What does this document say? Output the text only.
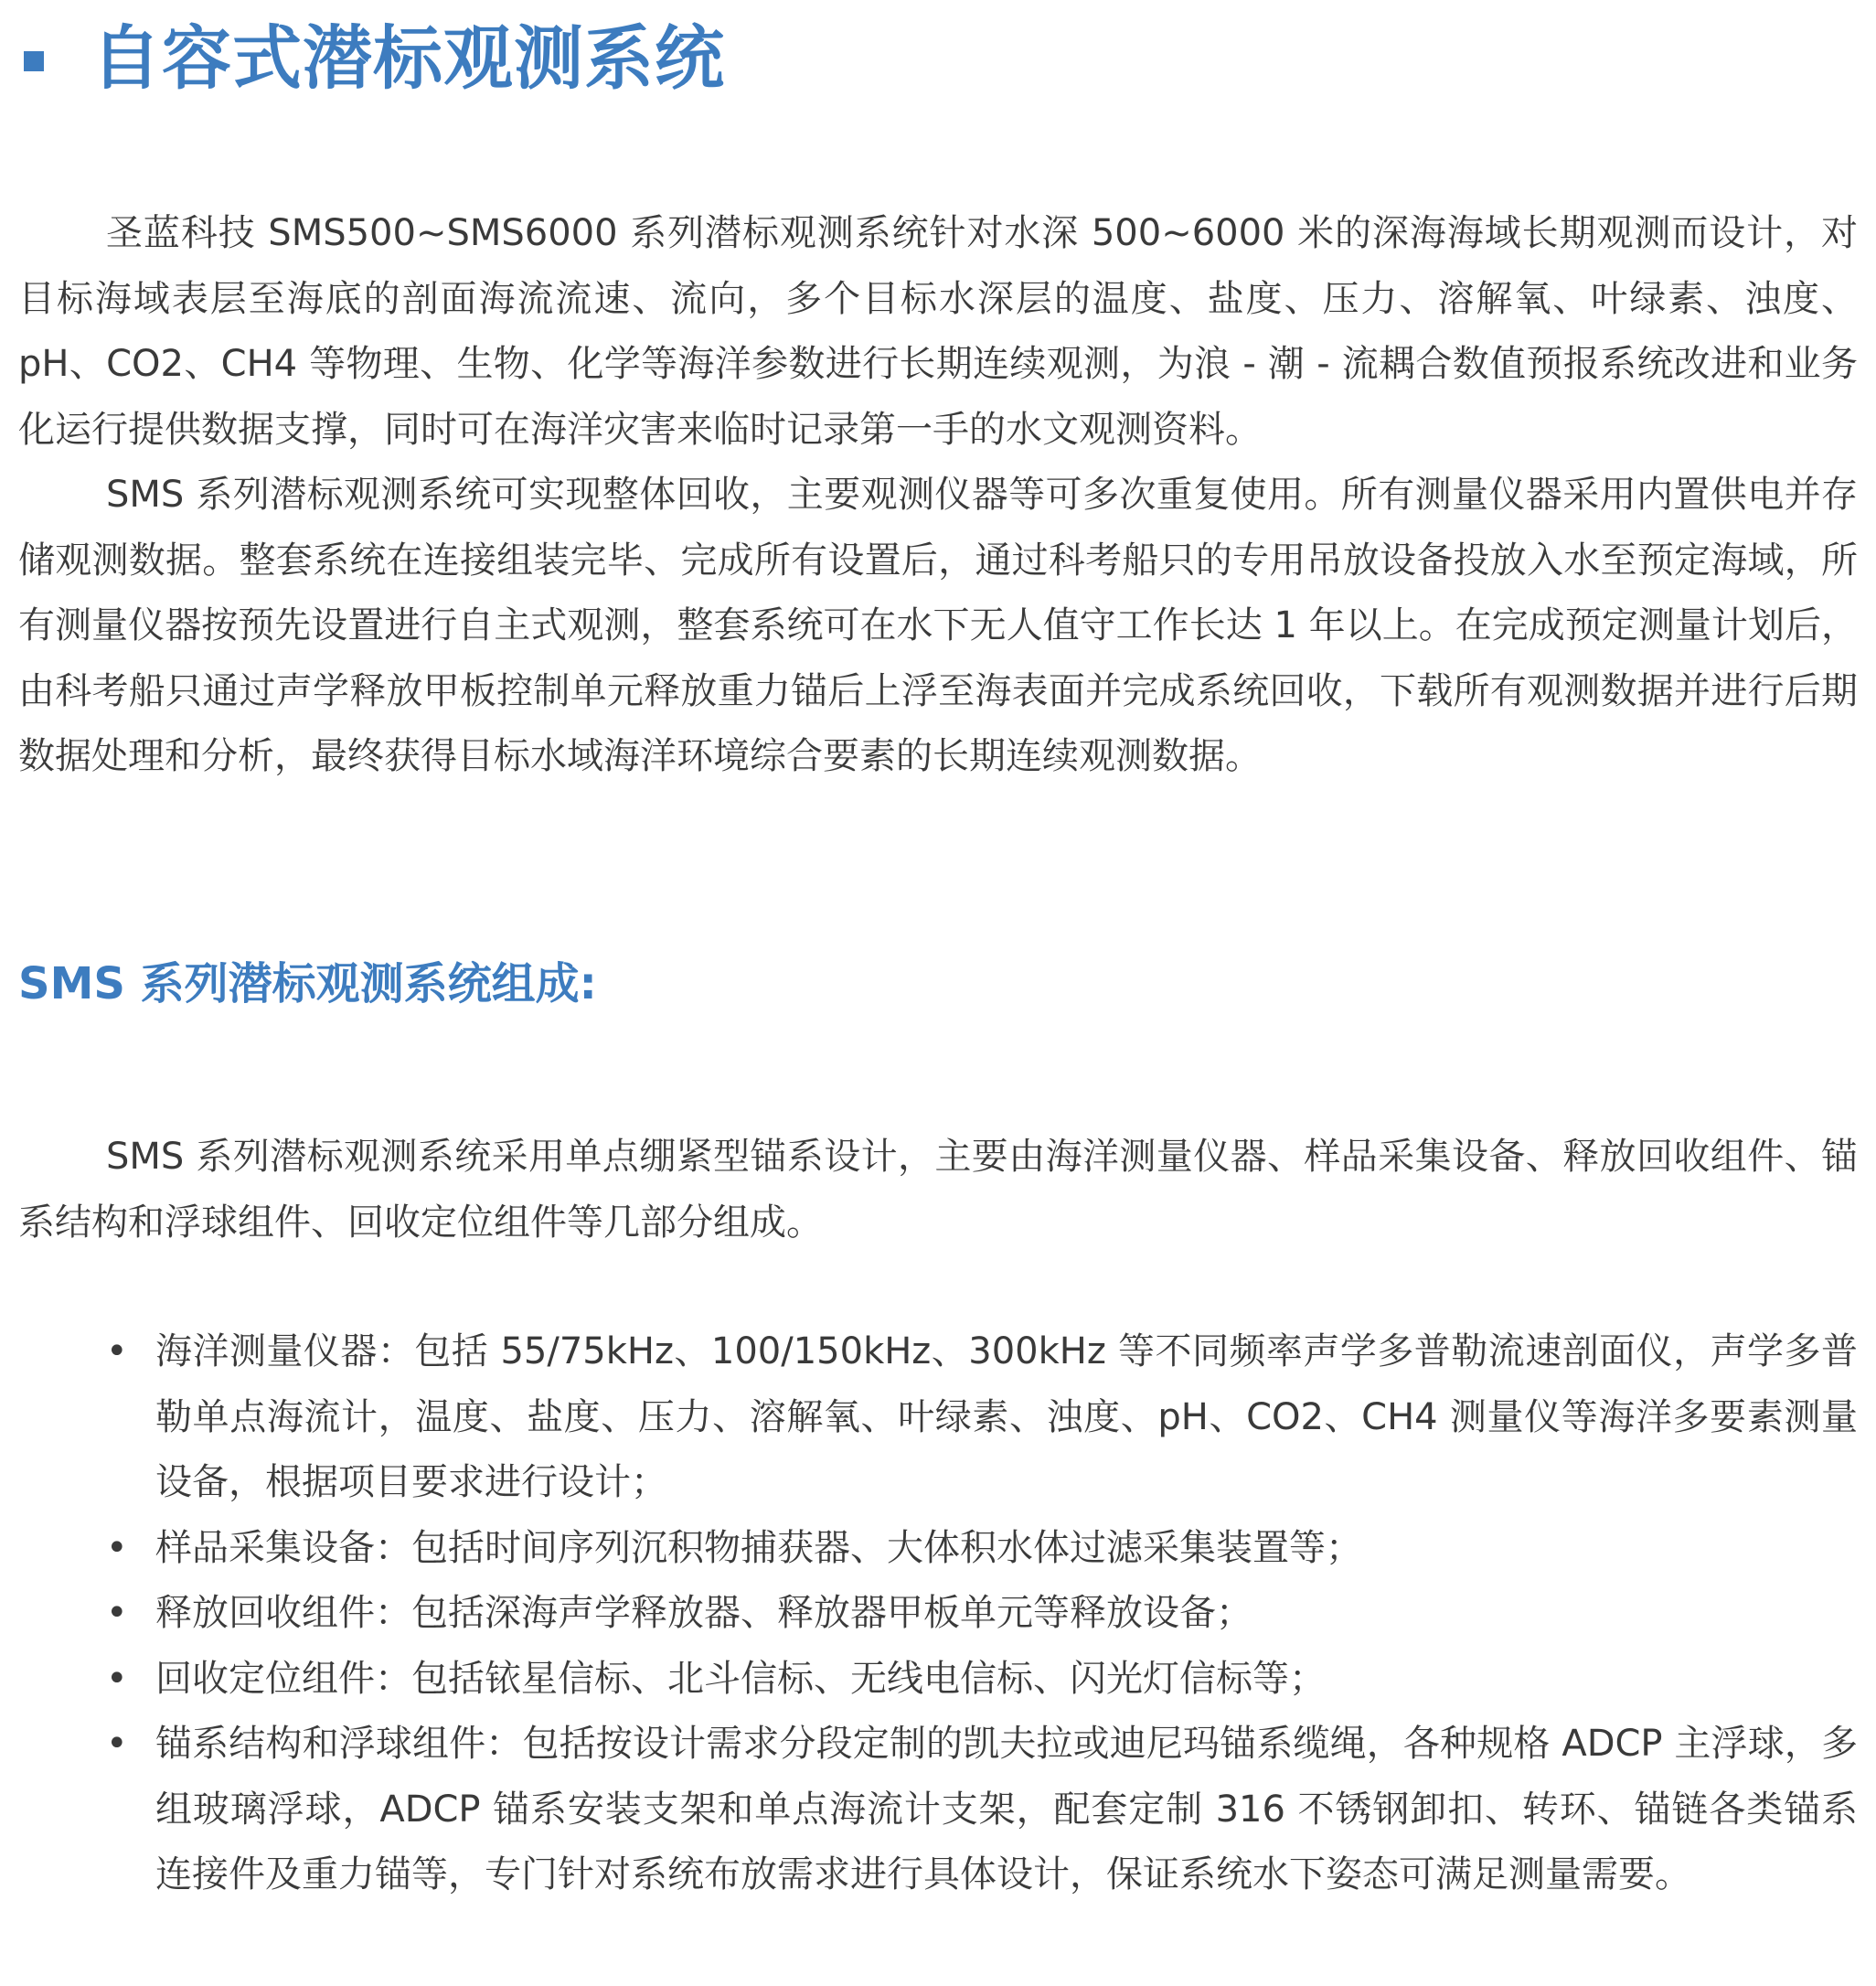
自容式潜标观测系统

圣蓝科技 SMS500~SMS6000 系列潜标观测系统针对水深 500~6000 米的深海海域长期观测而设计，对目标海域表层至海底的剖面海流流速、流向，多个目标水深层的温度、盐度、压力、溶解氧、叶绿素、浊度、pH、CO2、CH4 等物理、生物、化学等海洋参数进行长期连续观测，为浪 - 潮 - 流耦合数值预报系统改进和业务化运行提供数据支撑，同时可在海洋灾害来临时记录第一手的水文观测资料。

SMS 系列潜标观测系统可实现整体回收，主要观测仪器等可多次重复使用。所有测量仪器采用内置供电并存储观测数据。整套系统在连接组装完毕、完成所有设置后，通过科考船只的专用吊放设备投放入水至预定海域，所有测量仪器按预先设置进行自主式观测，整套系统可在水下无人值守工作长达 1 年以上。在完成预定测量计划后，由科考船只通过声学释放甲板控制单元释放重力锚后上浮至海表面并完成系统回收，下载所有观测数据并进行后期数据处理和分析，最终获得目标水域海洋环境综合要素的长期连续观测数据。

SMS 系列潜标观测系统组成:

SMS 系列潜标观测系统采用单点绷紧型锚系设计，主要由海洋测量仪器、样品采集设备、释放回收组件、锚系结构和浮球组件、回收定位组件等几部分组成。

• 海洋测量仪器：包括 55/75kHz、100/150kHz、300kHz 等不同频率声学多普勒流速剖面仪，声学多普勒单点海流计，温度、盐度、压力、溶解氧、叶绿素、浊度、pH、CO2、CH4 测量仪等海洋多要素测量设备，根据项目要求进行设计；
• 样品采集设备：包括时间序列沉积物捕获器、大体积水体过滤采集装置等；
• 释放回收组件：包括深海声学释放器、释放器甲板单元等释放设备；
• 回收定位组件：包括铱星信标、北斗信标、无线电信标、闪光灯信标等；
• 锚系结构和浮球组件：包括按设计需求分段定制的凯夫拉或迪尼玛锚系缆绳，各种规格 ADCP 主浮球，多组玻璃浮球，ADCP 锚系安装支架和单点海流计支架，配套定制 316 不锈钢卸扣、转环、锚链各类锚系连接件及重力锚等，专门针对系统布放需求进行具体设计，保证系统水下姿态可满足测量需要。
